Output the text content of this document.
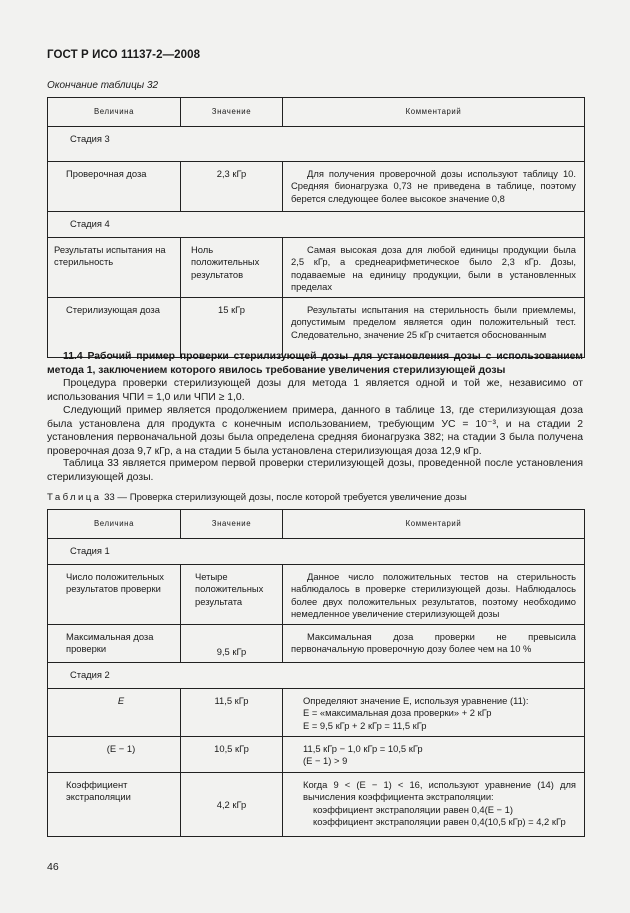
ГОСТ Р ИСО 11137-2—2008
Окончание таблицы 32
Величина	Значение	Комментарий
Стадия 3		
Проверочная доза	2,3 кГр	Для получения проверочной дозы используют таблицу 10. Средняя бионагрузка 0,73 не приведена в таблице, поэтому берется следующее более высокое значение 0,8
Стадия 4		
Результаты испытания на стерильность	Ноль положительных результатов	Самая высокая доза для любой единицы продукции была 2,5 кГр, а среднеарифметическое было 2,3 кГр. Дозы, подаваемые на единицу продукции, были в установленных пределах
Стерилизующая доза	15 кГр	Результаты испытания на стерильность были приемлемы, допустимым пределом является один положительный тест. Следовательно, значение 25 кГр считается обоснованным
11.4 Рабочий пример проверки стерилизующей дозы для установления дозы с использованием метода 1, заключением которого явилось требование увеличения стерилизующей дозы
Процедура проверки стерилизующей дозы для метода 1 является одной и той же, независимо от использования ЧПИ = 1,0 или ЧПИ ≥ 1,0.
Следующий пример является продолжением примера, данного в таблице 13, где стерилизующая доза была установлена для продукта с конечным использованием, требующим УС = 10⁻³, и на стадии 2 установления первоначальной дозы была определена средняя бионагрузка 382; на стадии 3 была получена проверочная доза 9,7 кГр, а на стадии 5 была установлена стерилизующая доза 12,9 кГр.
Таблица 33 является примером первой проверки стерилизующей дозы, проведенной после установления стерилизующей дозы.
Таблица 33 — Проверка стерилизующей дозы, после которой требуется увеличение дозы
Величина	Значение	Комментарий
Стадия 1		
Число положительных результатов проверки	Четыре положительных результата	Данное число положительных тестов на стерильность наблюдалось в проверке стерилизующей дозы. Наблюдалось более двух положительных результатов, поэтому необходимо немедленное увеличение стерилизующей дозы
Максимальная доза проверки	9,5 кГр	Максимальная доза проверки не превысила первоначальную проверочную дозу более чем на 10 %
Стадия 2		
E	11,5 кГр	Определяют значение E, используя уравнение (11):
E = «максимальная доза проверки» + 2 кГр
E = 9,5 кГр + 2 кГр = 11,5 кГр

(E − 1)	10,5 кГр	11,5 кГр − 1,0 кГр = 10,5 кГр
(E − 1) > 9

Коэффициент экстраполяции	4,2 кГр	Когда 9 < (E − 1) < 16, используют уравнение (14) для вычисления коэффициента экстраполяции:
коэффициент экстраполяции равен 0,4(E − 1)
коэффициент экстраполяции равен 0,4(10,5 кГр) = 4,2 кГр
46
